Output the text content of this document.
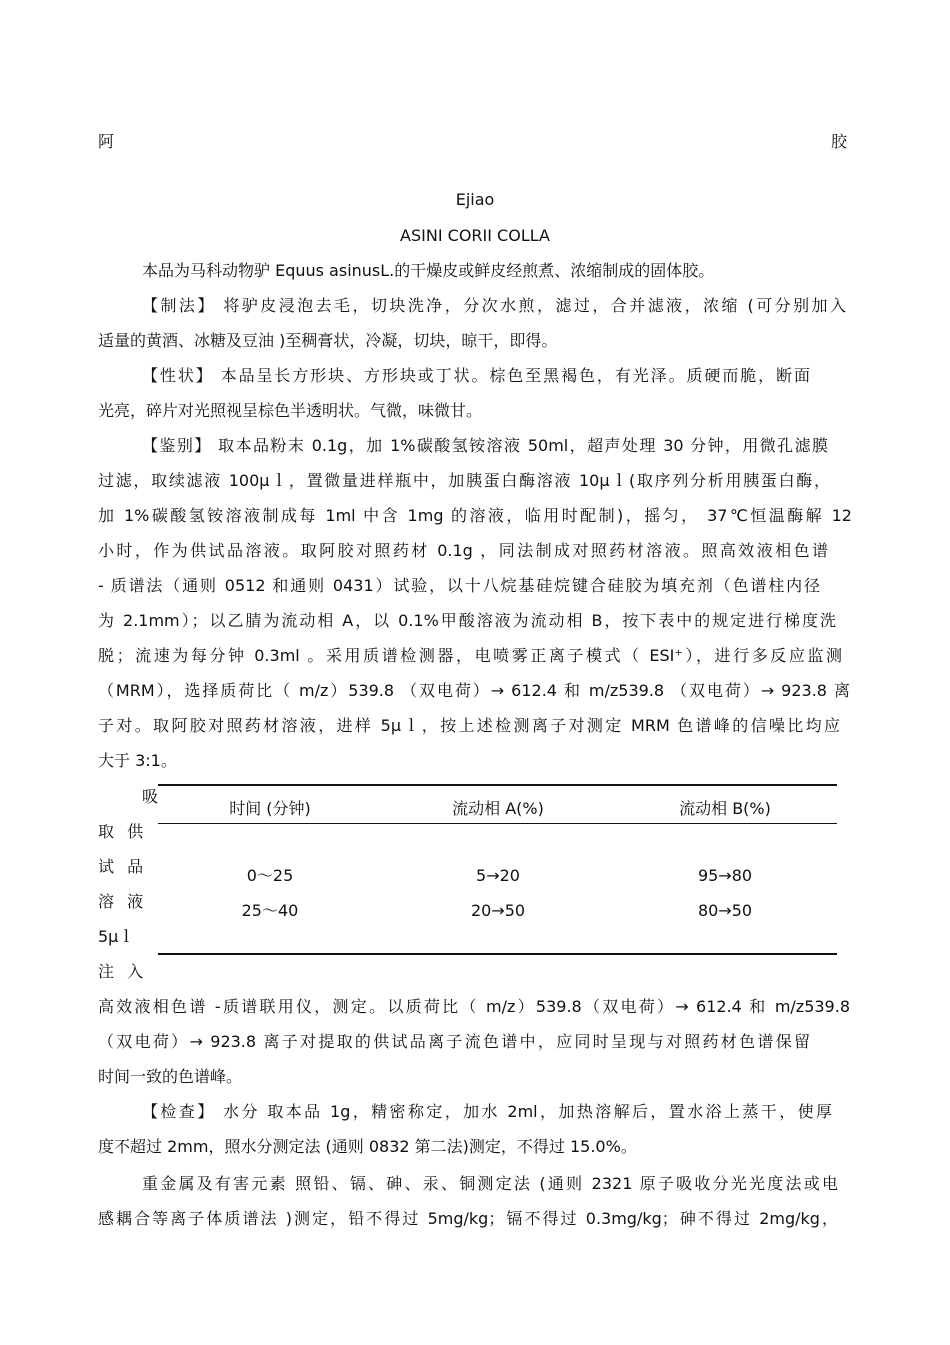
阿	胶
Ejiao
ASINI CORII COLLA
本品为马科动物驴 Equus asinusL.的干燥皮或鲜皮经煎煮、浓缩制成的固体胶。
【制法】 将驴皮浸泡去毛，切块洗净，分次水煎，滤过，合并滤液，浓缩 (可分别加入
适量的黄酒、冰糖及豆油 )至稠膏状，冷凝，切块，晾干，即得。
【性状】 本品呈长方形块、方形块或丁状。棕色至黑褐色，有光泽。质硬而脆，断面
光亮，碎片对光照视呈棕色半透明状。气微，味微甘。
【鉴别】 取本品粉末 0.1g，加 1%碳酸氢铵溶液 50ml，超声处理 30 分钟，用微孔滤膜
过滤，取续滤液 100μｌ，置微量进样瓶中，加胰蛋白酶溶液 10μｌ(取序列分析用胰蛋白酶，
加 1%碳酸氢铵溶液制成每 1ml 中含 1mg 的溶液，临用时配制)，摇匀， 37℃恒温酶解 12
小时，作为供试品溶液。取阿胶对照药材 0.1g ，同法制成对照药材溶液。照高效液相色谱
- 质谱法（通则 0512 和通则 0431）试验，以十八烷基硅烷键合硅胶为填充剂（色谱柱内径
为 2.1mm）；以乙腈为流动相 A，以 0.1%甲酸溶液为流动相 B，按下表中的规定进行梯度洗
脱；流速为每分钟 0.3ml 。采用质谱检测器，电喷雾正离子模式（ ESI⁺），进行多反应监测
（MRM），选择质荷比（ m/z）539.8 （双电荷）→ 612.4 和 m/z539.8 （双电荷）→ 923.8 离
子对。取阿胶对照药材溶液，进样 5μｌ，按上述检测离子对测定 MRM 色谱峰的信噪比均应
大于 3:1。
吸
取 供
试 品
溶 液
5μｌ
注 入
时间 (分钟)	流动相 A(%)	流动相 B(%)
0～25	5→20	95→80
25～40	20→50	80→50
高效液相色谱 -质谱联用仪，测定。以质荷比（ m/z）539.8（双电荷）→ 612.4 和 m/z539.8
（双电荷）→ 923.8 离子对提取的供试品离子流色谱中，应同时呈现与对照药材色谱保留
时间一致的色谱峰。
【检查】 水分 取本品 1g，精密称定，加水 2ml，加热溶解后，置水浴上蒸干，使厚
度不超过 2mm，照水分测定法 (通则 0832 第二法)测定，不得过 15.0%。
重金属及有害元素 照铅、镉、砷、汞、铜测定法 (通则 2321 原子吸收分光光度法或电
感耦合等离子体质谱法 )测定，铅不得过 5mg/kg；镉不得过 0.3mg/kg；砷不得过 2mg/kg，
